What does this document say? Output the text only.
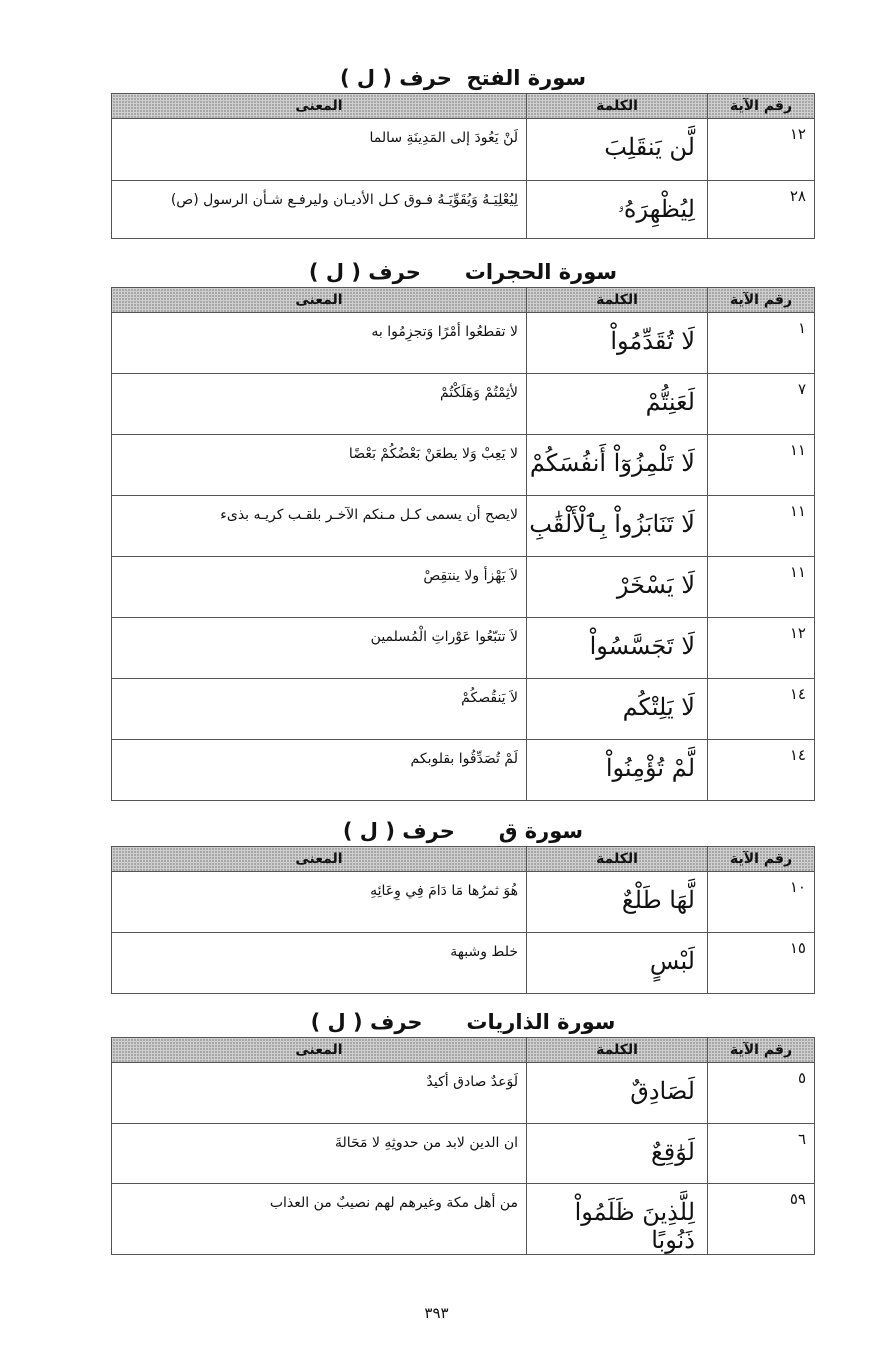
سورة الفتح  حرف ( ل )
رقم الآية	الكلمة	المعنى
١٢	لَّن يَنقَلِبَ	لَنْ يَعُودَ إلى المَدِينَةِ سالما
٢٨	لِيُظْهِرَهُۥ	لِيُعْلِيَـهُ وَيُقَوِّيَـهُ فـوق كـل الأديـان وليرفـع شـأن الرسول (ص)
سورة الحجرات      حرف ( ل )
رقم الآية	الكلمة	المعنى
١	لَا تُقَدِّمُواْ	لا تقطعُوا أمْرًا وَتجزِمُوا به
٧	لَعَنِتُّمْ	لأثِمْتُمْ وَهَلَكْتُمْ
١١	لَا تَلْمِزُوٓاْ أَنفُسَكُمْ	لا يَعِبْ وَلا يطعَنْ بَعْضُكُمْ بَعْضًا
١١	لَا تَنَابَزُواْ بِٱلْأَلْقَٰبِ	لايصح أن يسمى كـل مـنكم الآخـر بلقـب كريـه بذىء
١١	لَا يَسْخَرْ	لاَ يَهْزأ ولا ينتقِصْ
١٢	لَا تَجَسَّسُواْ	لاَ تتبّعُوا عَوْراتِ الْمُسلمين
١٤	لَا يَلِتْكُم	لاَ يَنقُصكُمْ
١٤	لَّمْ تُؤْمِنُواْ	لَمْ تُصَدِّقُوا بقلوبكم
سورة ق      حرف ( ل )
رقم الآية	الكلمة	المعنى
١٠	لَّهَا طَلْعٌ	هُوَ ثمرُها مَا دَامَ فِي وِعَائِهِ
١٥	لَبْسٍ	خلط وشبهة
سورة الذاريات      حرف ( ل )
رقم الآية	الكلمة	المعنى
٥	لَصَادِقٌ	لَوَعدٌ صادق أكيدٌ
٦	لَوَٰقِعٌ	ان الدين لابد من حدوثِهِ لا مَحَالةَ
٥٩	لِلَّذِينَ ظَلَمُواْ ذَنُوبًا	من أهل مكة وغيرهم لهم نصيبٌ من العذاب
٣٩٣
